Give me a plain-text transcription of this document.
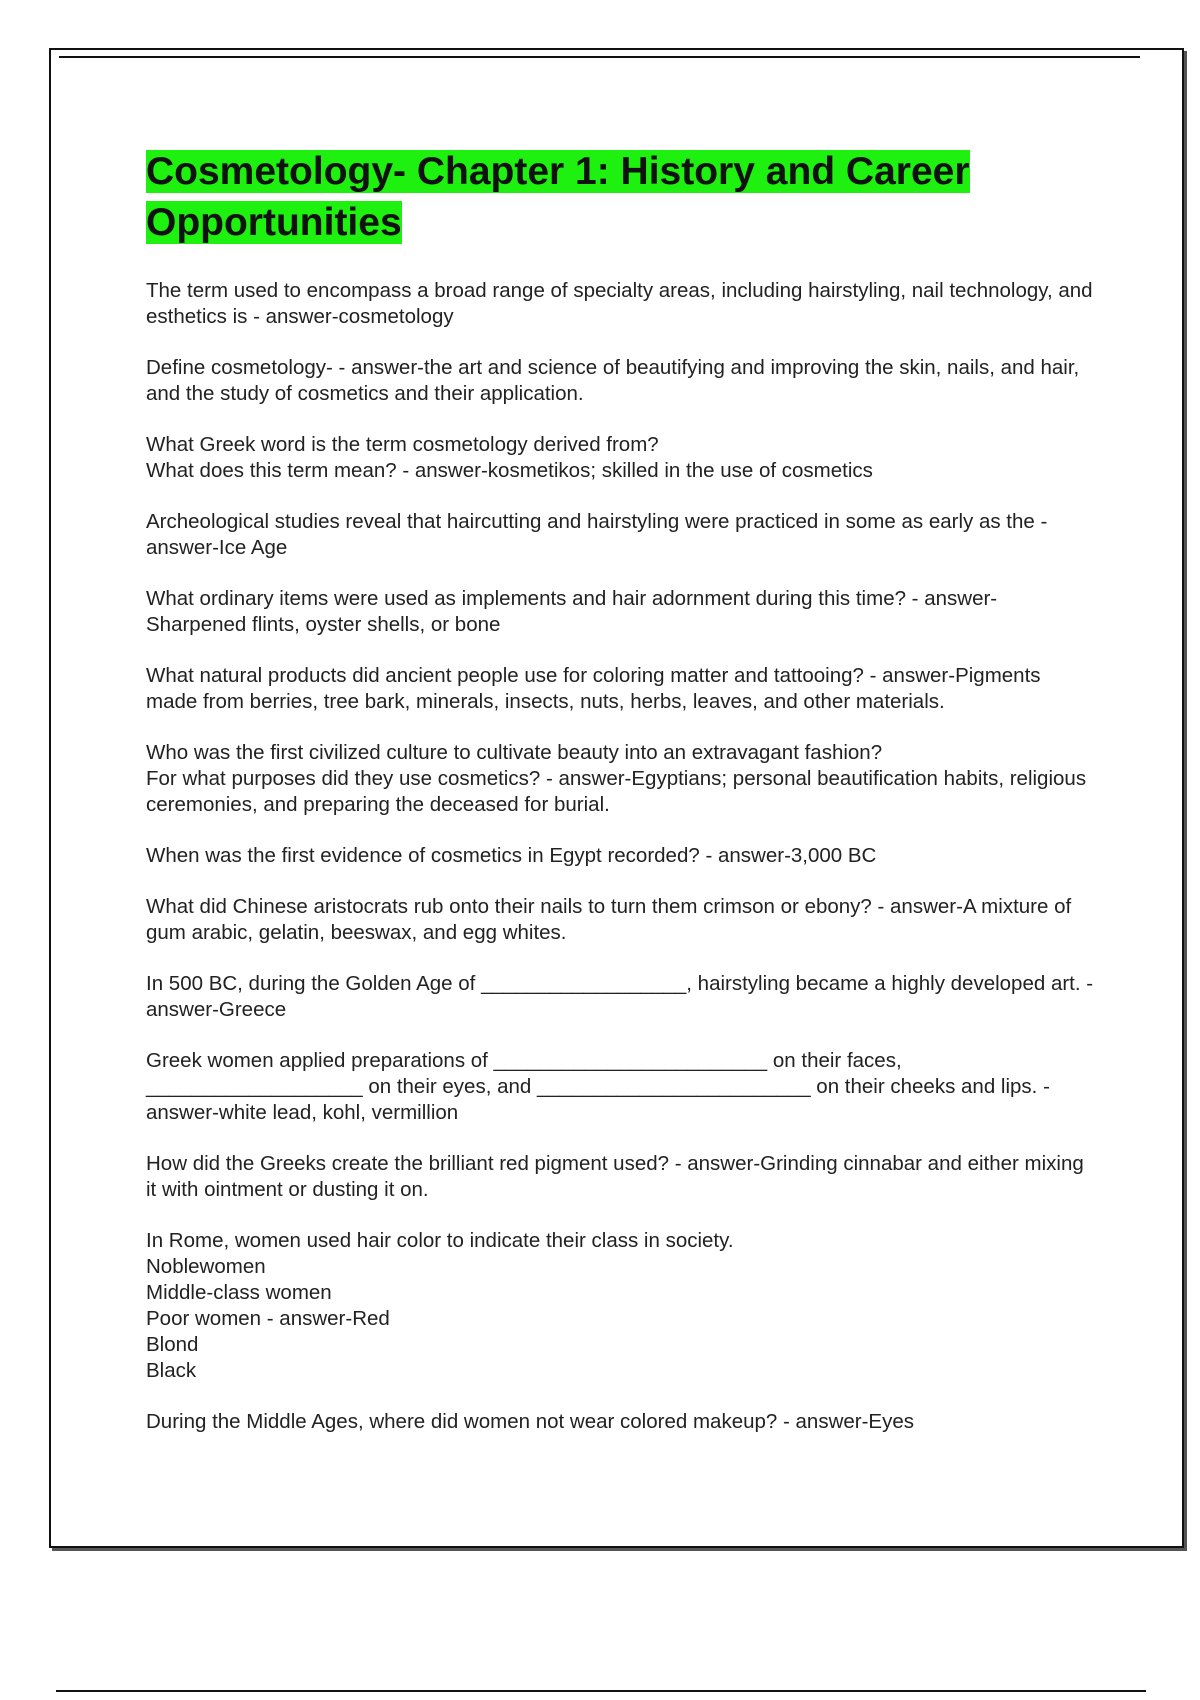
Cosmetology- Chapter 1: History and Career Opportunities

The term used to encompass a broad range of specialty areas, including hairstyling, nail technology, and esthetics is - answer-cosmetology

Define cosmetology- - answer-the art and science of beautifying and improving the skin, nails, and hair, and the study of cosmetics and their application.

What Greek word is the term cosmetology derived from?
What does this term mean? - answer-kosmetikos; skilled in the use of cosmetics

Archeological studies reveal that haircutting and hairstyling were practiced in some as early as the - answer-Ice Age

What ordinary items were used as implements and hair adornment during this time? - answer-Sharpened flints, oyster shells, or bone

What natural products did ancient people use for coloring matter and tattooing? - answer-Pigments made from berries, tree bark, minerals, insects, nuts, herbs, leaves, and other materials.

Who was the first civilized culture to cultivate beauty into an extravagant fashion?
For what purposes did they use cosmetics? - answer-Egyptians; personal beautification habits, religious ceremonies, and preparing the deceased for burial.

When was the first evidence of cosmetics in Egypt recorded? - answer-3,000 BC

What did Chinese aristocrats rub onto their nails to turn them crimson or ebony? - answer-A mixture of gum arabic, gelatin, beeswax, and egg whites.

In 500 BC, during the Golden Age of __________________, hairstyling became a highly developed art. - answer-Greece

Greek women applied preparations of ________________________ on their faces, ___________________ on their eyes, and ________________________ on their cheeks and lips. - answer-white lead, kohl, vermillion

How did the Greeks create the brilliant red pigment used? - answer-Grinding cinnabar and either mixing it with ointment or dusting it on.

In Rome, women used hair color to indicate their class in society.
Noblewomen
Middle-class women
Poor women - answer-Red
Blond
Black

During the Middle Ages, where did women not wear colored makeup? - answer-Eyes
